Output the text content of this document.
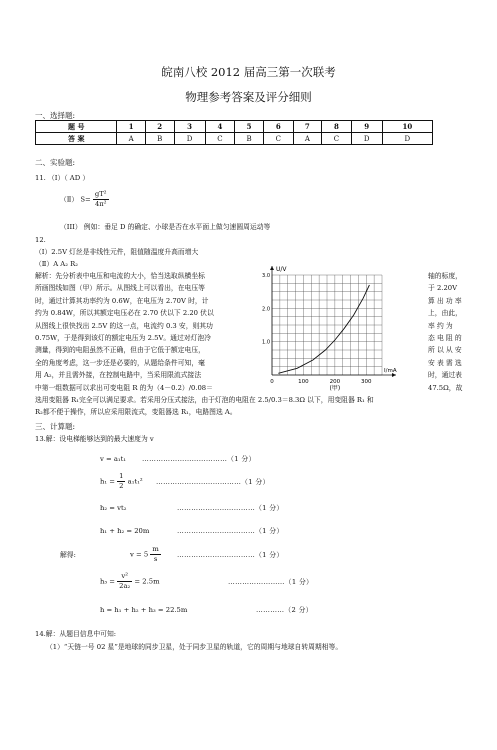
皖南八校 2012 届高三第一次联考
物理参考答案及评分细则
一、选择题:
题 号	1	2	3	4	5	6	7	8	9	10
答 案	A	B	D	C	B	C	A	C	D	D
二、实验题:
11. （Ⅰ）（ AD ）
（Ⅱ） $S= \frac{\text{gT²}}{\text{4π²}}$
（III） 例如：垂足 D 的确定、小球是否在水平面上做匀速圆周运动等
12.
（Ⅰ）2.5V 灯丝是非线性元件，阻值随温度升高而增大
（Ⅱ）A A₂ R₂
解析：先分析表中电压和电流的大小，恰当选取纵横坐标
所画图线如图（甲）所示。从图线上可以看出，在电压等
时，通过计算其功率约为 0.6W，在电压为 2.70V 时，计
约为 0.84W，所以其额定电压必在 2.70 伏以下 2.20 伏以
从图线上很快找出 2.5V 的这一点，电流约 0.3 安，则其功
0.75W，于是得到该灯的额定电压为 2.5V。通过对灯泡冷
测量，得到的电阻虽然不正确，但由于它低于额定电压，
全的角度考虑，这一步还是必要的，从题给条件可知，毫
用 A₂，并且需外接，在控制电路中，当采用限流式接法
中第一组数据可以求出可变电阻 R 的为（4－0.2）/0.08＝
轴的标度，
于 2.20V
算 出 功 率
上，由此，
率 约 为
态 电 阻 的
所 以 从 安
安 表 需 选
时，通过表
47.5Ω，故
选用变阻器 R₁完全可以满足要求。若采用分压式接法，由于灯泡的电阻在 2.5/0.3＝8.3Ω 以下，用变阻器 R₁ 和
R₂都不便于操作，所以应采用限流式，变阻器选 R₁，电路图选 A。
U/V
I/mA
0	100	200	300
1.0
2.0
3.0
(甲)
三、计算题:
13.解：设电梯能够达到的最大速度为 v
v = a₁t₁ ………………………………（1 分）
$h_1 = \frac{1}{2} a_1t_1^2$ ………………………………（1 分）
h₂ = vt₂	……………………………（1 分）
h₁ + h₂ = 20m	……………………………（1 分）
解得:	$v = 5 \frac{m}{s}$ ……………………………（1 分）
$h_3 = \frac{\text{v²}}{\text{2a₂}} = 2.5m$	……………………（1 分）
h = h₁ + h₂ + h₃ = 22.5m	…………（2 分）
14.解：从题目信息中可知:
（1）“天链一号 02 星”是地球的同步卫星，处于同步卫星的轨道，它的周期与地球自转周期相等。
